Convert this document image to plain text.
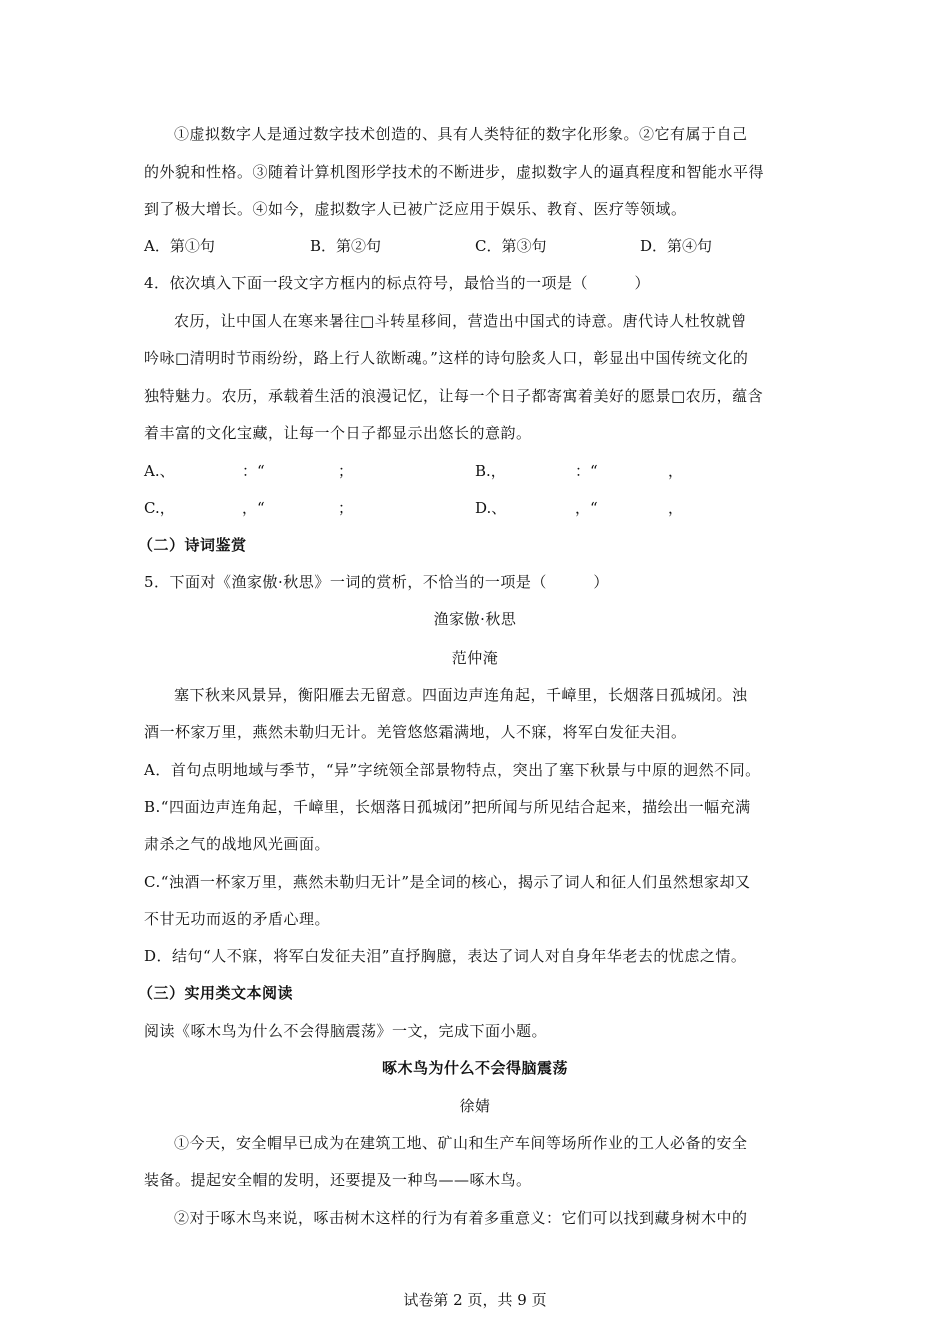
①虚拟数字人是通过数字技术创造的、具有人类特征的数字化形象。②它有属于自己
的外貌和性格。③随着计算机图形学技术的不断进步，虚拟数字人的逼真程度和智能水平得
到了极大增长。④如今，虚拟数字人已被广泛应用于娱乐、教育、医疗等领域。
A．第①句	B．第②句	C．第③句	D．第④句
4．依次填入下面一段文字方框内的标点符号，最恰当的一项是（　　　）
农历，让中国人在寒来暑往□斗转星移间，营造出中国式的诗意。唐代诗人杜牧就曾
吟咏□清明时节雨纷纷，路上行人欲断魂。”这样的诗句脍炙人口，彰显出中国传统文化的
独特魅力。农历，承载着生活的浪漫记忆，让每一个日子都寄寓着美好的愿景□农历，蕴含
着丰富的文化宝藏，让每一个日子都显示出悠长的意韵。
A.、	：“	；	B.，	：“	，
C.，	，“	；	D.、	，“	，
（二）诗词鉴赏
5．下面对《渔家傲·秋思》一词的赏析，不恰当的一项是（　　　）
渔家傲·秋思
范仲淹
塞下秋来风景异，衡阳雁去无留意。四面边声连角起，千嶂里，长烟落日孤城闭。浊
酒一杯家万里，燕然未勒归无计。羌管悠悠霜满地，人不寐，将军白发征夫泪。
A．首句点明地域与季节，“异”字统领全部景物特点，突出了塞下秋景与中原的迥然不同。
B.“四面边声连角起，千嶂里，长烟落日孤城闭”把所闻与所见结合起来，描绘出一幅充满
肃杀之气的战地风光画面。
C.“浊酒一杯家万里，燕然未勒归无计”是全词的核心，揭示了词人和征人们虽然想家却又
不甘无功而返的矛盾心理。
D．结句“人不寐，将军白发征夫泪”直抒胸臆，表达了词人对自身年华老去的忧虑之情。
（三）实用类文本阅读
阅读《啄木鸟为什么不会得脑震荡》一文，完成下面小题。
啄木鸟为什么不会得脑震荡
徐婧
①今天，安全帽早已成为在建筑工地、矿山和生产车间等场所作业的工人必备的安全
装备。提起安全帽的发明，还要提及一种鸟——啄木鸟。
②对于啄木鸟来说，啄击树木这样的行为有着多重意义：它们可以找到藏身树木中的
试卷第 2 页，共 9 页
